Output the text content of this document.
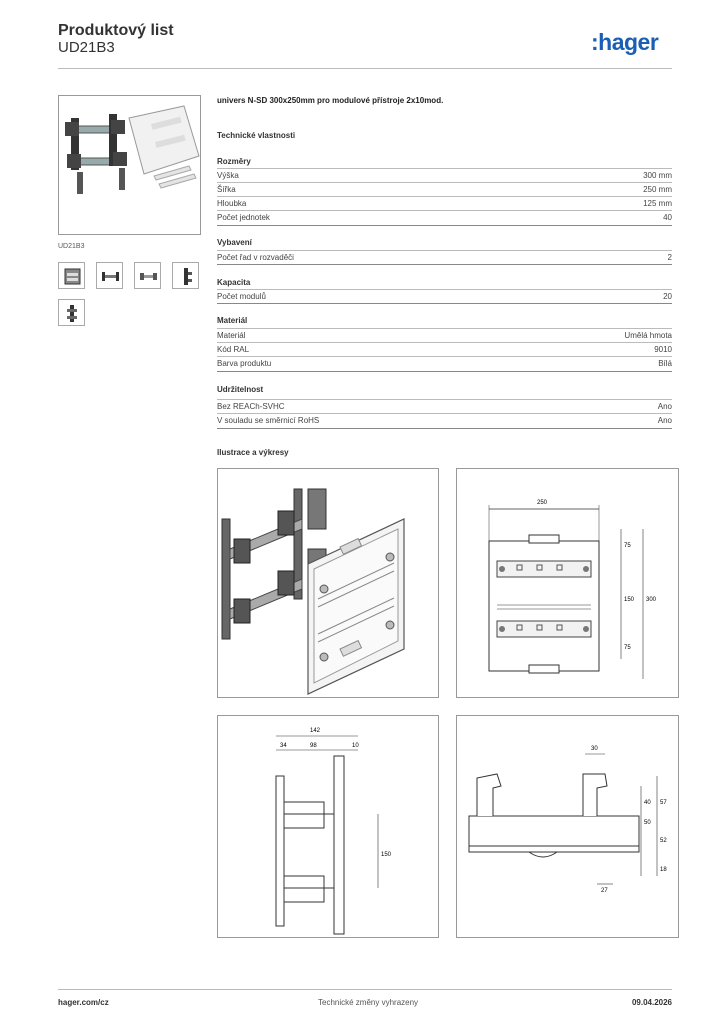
Produktový list
UD21B3	:hager
UD21B3
univers N-SD 300x250mm pro modulové přístroje 2x10mod.
Technické vlastnosti
Rozměry
Výška	300 mm
Šířka	250 mm
Hloubka	125 mm
Počet jednotek	40
Vybavení
Počet řad v rozvaděči	2
Kapacita
Počet modulů	20
Materiál
Materiál	Umělá hmota
Kód RAL	9010
Barva produktu	Bílá
Udržitelnost
Bez REACh-SVHC	Ano
V souladu se směrnicí RoHS	Ano
Ilustrace a výkresy
250
75
150
75
300
142
34	98	10
150
30
40
50
57
52
18
27
hager.com/cz	Technické změny vyhrazeny	09.04.2026
